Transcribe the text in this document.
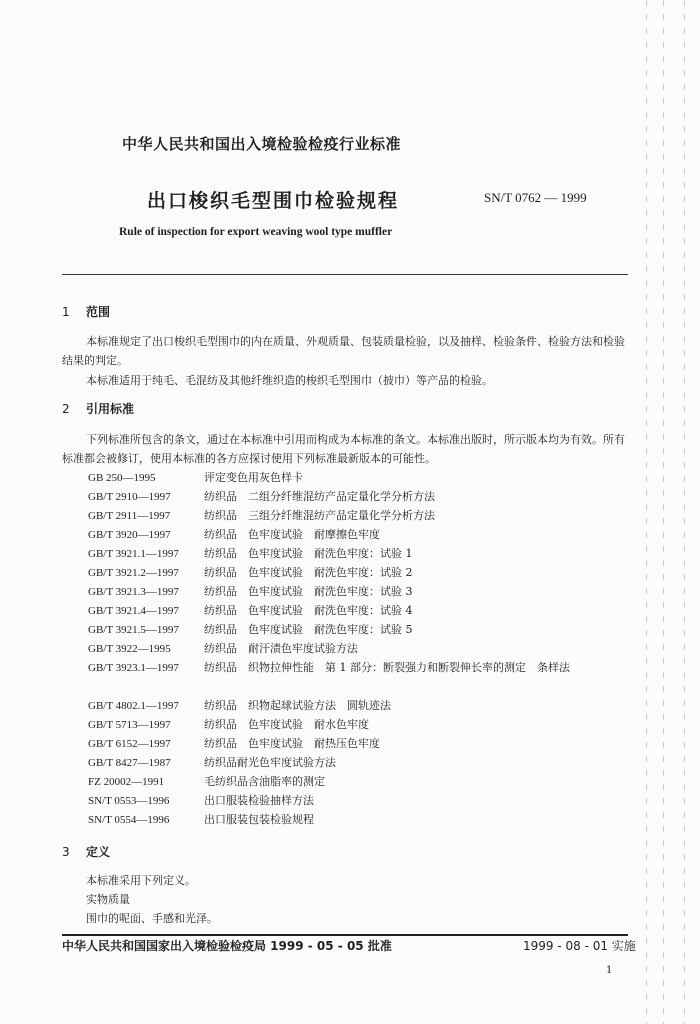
中华人民共和国出入境检验检疫行业标准
出口梭织毛型围巾检验规程	SN/T 0762 — 1999
Rule of inspection for export weaving wool type muffler
1 范围
本标准规定了出口梭织毛型围巾的内在质量、外观质量、包装质量检验，以及抽样、检验条件、检验方法和检验结果的判定。
本标准适用于纯毛、毛混纺及其他纤维织造的梭织毛型围巾（披巾）等产品的检验。
2 引用标准
下列标准所包含的条文，通过在本标准中引用而构成为本标准的条文。本标准出版时，所示版本均为有效。所有标准都会被修订，使用本标准的各方应探讨使用下列标准最新版本的可能性。
GB 250—1995	评定变色用灰色样卡
GB/T 2910—1997	纺织品　二组分纤维混纺产品定量化学分析方法
GB/T 2911—1997	纺织品　三组分纤维混纺产品定量化学分析方法
GB/T 3920—1997	纺织品　色牢度试验　耐摩擦色牢度
GB/T 3921.1—1997 纺织品　色牢度试验　耐洗色牢度：试验 1
GB/T 3921.2—1997 纺织品　色牢度试验　耐洗色牢度：试验 2
GB/T 3921.3—1997 纺织品　色牢度试验　耐洗色牢度：试验 3
GB/T 3921.4—1997 纺织品　色牢度试验　耐洗色牢度：试验 4
GB/T 3921.5—1997 纺织品　色牢度试验　耐洗色牢度：试验 5
GB/T 3922—1995	纺织品　耐汗渍色牢度试验方法
GB/T 3923.1—1997 纺织品　织物拉伸性能　第 1 部分：断裂强力和断裂伸长率的测定　条样法
GB/T 4802.1—1997 纺织品　织物起球试验方法　圆轨迹法
GB/T 5713—1997	纺织品　色牢度试验　耐水色牢度
GB/T 6152—1997	纺织品　色牢度试验　耐热压色牢度
GB/T 8427—1987	纺织品耐光色牢度试验方法
FZ 20002—1991	毛纺织品含油脂率的测定
SN/T 0553—1996	出口服装检验抽样方法
SN/T 0554—1996	出口服装包装检验规程
3 定义
本标准采用下列定义。
实物质量
围巾的呢面、手感和光泽。
中华人民共和国国家出入境检验检疫局 1999 - 05 - 05 批准	1999 - 08 - 01 实施
1
